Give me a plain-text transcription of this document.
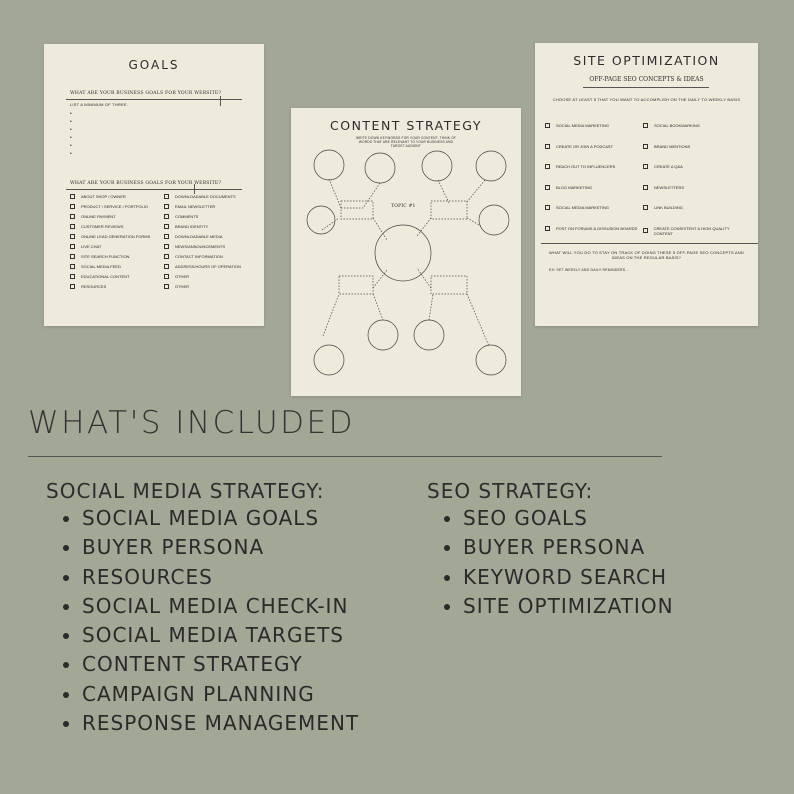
GOALS
WHAT ARE YOUR BUSINESS GOALS FOR YOUR WEBSITE?
LIST A MINIMUM OF THREE.
•
•
•
•
•
•
WHAT ARE YOUR BUSINESS GOALS FOR YOUR WEBSITE?
ABOUT SHOP / OWNER
PRODUCT / SERVICE / PORTFOLIO
ONLINE PAYMENT
CUSTOMER REVIEWS
ONLINE LEAD GENERATION FORMS
LIVE CHAT
SITE SEARCH FUNCTION
SOCIAL MEDIA FEED
EDUCATIONAL CONTENT
RESOURCES
DOWNLOADABLE DOCUMENTS
EMAIL NEWSLETTER
COMMENTS
BRAND IDENTITY
DOWNLOADABLE MEDIA
NEWS/ANNOUNCEMENTS
CONTACT INFORMATION
ADDRESS/HOURS OF OPERATION
OTHER
OTHER
CONTENT STRATEGY
WRITE DOWN KEYWORDS FOR YOUR CONTENT. THINK OF WORDS THAT ARE RELEVANT TO YOUR BUSINESS AND TARGET AUDIENT
TOPIC #1
SITE OPTIMIZATION
OFF-PAGE SEO CONCEPTS & IDEAS
CHOOSE AT LEAST 5 THAT YOU WANT TO ACCOMPLISH ON THE DAILY TO WEEKLY BASIS
SOCIAL MEDIA MARKETING
CREATE OR JOIN A PODCAST
REACH OUT TO INFLUENCERS
BLOG MARKETING
SOCIAL MEDIA MARKETING
POST ON FORUMS & DISSUSION BOARDS
SOCIAL BOOKMARKING
BRAND MENTIONS
CREATE A Q&A
NEWSLETTERS
LINK BUILDING
CREATE CONSISTENT & HIGH QUALITY CONTENT
WHAT WILL YOU DO TO STAY ON TRACK OF DOING THESE 5 OFF-PAGE SEO CONCEPTS AND IDEAS ON THE REGULAR BASIS?
EX: SET WEEKLY AND DAILY REMINDERS...
WHAT'S INCLUDED
SOCIAL MEDIA STRATEGY:
SOCIAL MEDIA GOALS
BUYER PERSONA
RESOURCES
SOCIAL MEDIA CHECK-IN
SOCIAL MEDIA TARGETS
CONTENT STRATEGY
CAMPAIGN PLANNING
RESPONSE MANAGEMENT
SEO STRATEGY:
SEO GOALS
BUYER PERSONA
KEYWORD SEARCH
SITE OPTIMIZATION
